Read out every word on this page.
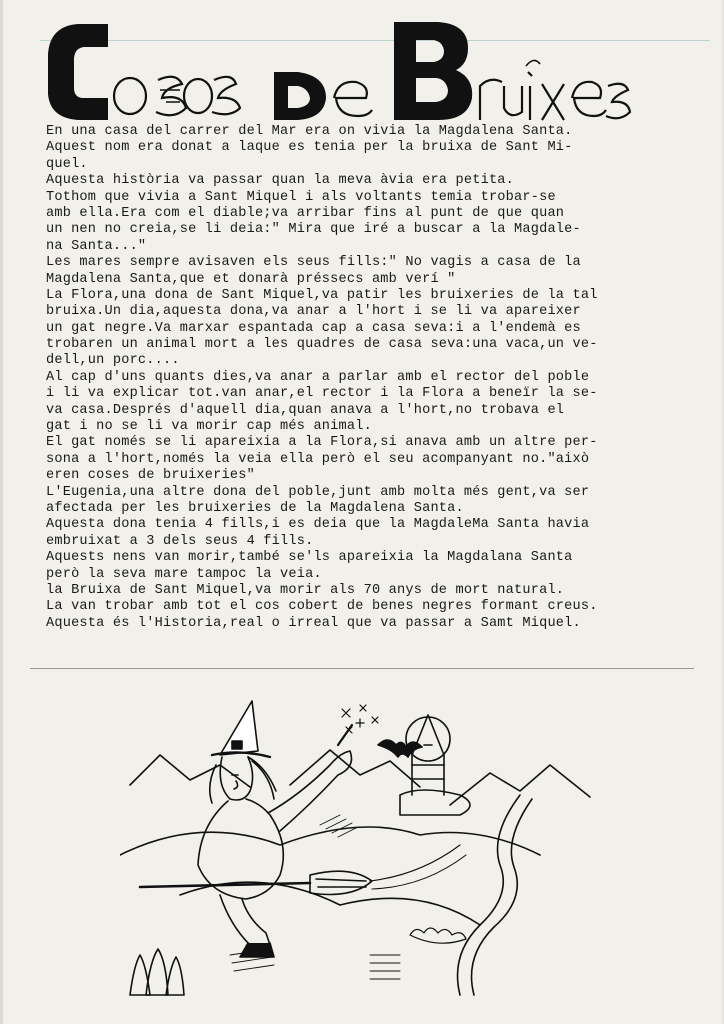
En una casa del carrer del Mar era on vivia la Magdalena Santa.
Aquest nom era donat a laque es tenia per la bruixa de Sant Mi-
quel.
Aquesta història va passar quan la meva àvia era petita.
Tothom que vivia a Sant Miquel i als voltants temia trobar-se
amb ella.Era com el diable;va arribar fins al punt de que quan
un nen no creia,se li deia:" Mira que iré a buscar a la Magdale-
na Santa..."
Les mares sempre avisaven els seus fills:" No vagis a casa de la
Magdalena Santa,que et donarà préssecs amb verí "
La Flora,una dona de Sant Miquel,va patir les bruixeries de la tal
bruixa.Un dia,aquesta dona,va anar a l'hort i se li va apareixer
un gat negre.Va marxar espantada cap a casa seva:i a l'endemà es
trobaren un animal mort a les quadres de casa seva:una vaca,un ve-
dell,un porc....
Al cap d'uns quants dies,va anar a parlar amb el rector del poble
i li va explicar tot.van anar,el rector i la Flora a beneïr la se-
va casa.Després d'aquell dia,quan anava a l'hort,no trobava el
gat i no se li va morir cap més animal.
El gat només se li apareixia a la Flora,si anava amb un altre per-
sona a l'hort,només la veia ella però el seu acompanyant no."això
eren coses de bruixeries"
L'Eugenia,una altre dona del poble,junt amb molta més gent,va ser
afectada per les bruixeries de la Magdalena Santa.
Aquesta dona tenia 4 fills,i es deia que la MagdaleMa Santa havia
embruixat a 3 dels seus 4 fills.
Aquests nens van morir,també se'ls apareixia la Magdalana Santa
però la seva mare tampoc la veia.
la Bruixa de Sant Miquel,va morir als 70 anys de mort natural.
La van trobar amb tot el cos cobert de benes negres formant creus.
Aquesta és l'Historia,real o irreal que va passar a Samt Miquel.
